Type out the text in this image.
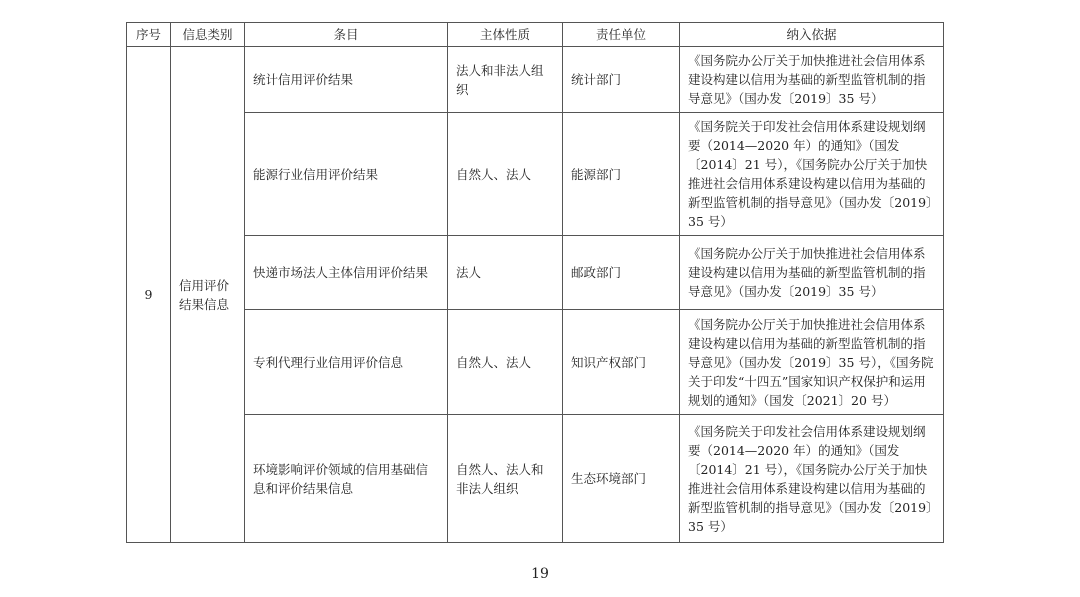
序号	信息类别	条目	主体性质	责任单位	纳入依据
9	信用评价结果信息	统计信用评价结果	法人和非法人组织	统计部门	《国务院办公厅关于加快推进社会信用体系建设构建以信用为基础的新型监管机制的指导意见》（国办发〔2019〕35 号）
		能源行业信用评价结果	自然人、法人	能源部门	《国务院关于印发社会信用体系建设规划纲要（2014—2020 年）的通知》（国发〔2014〕21 号），《国务院办公厅关于加快推进社会信用体系建设构建以信用为基础的新型监管机制的指导意见》（国办发〔2019〕35 号）
		快递市场法人主体信用评价结果	法人	邮政部门	《国务院办公厅关于加快推进社会信用体系建设构建以信用为基础的新型监管机制的指导意见》（国办发〔2019〕35 号）
		专利代理行业信用评价信息	自然人、法人	知识产权部门	《国务院办公厅关于加快推进社会信用体系建设构建以信用为基础的新型监管机制的指导意见》（国办发〔2019〕35 号），《国务院关于印发“十四五”国家知识产权保护和运用规划的通知》（国发〔2021〕20 号）
		环境影响评价领域的信用基础信息和评价结果信息	自然人、法人和非法人组织	生态环境部门	《国务院关于印发社会信用体系建设规划纲要（2014—2020 年）的通知》（国发〔2014〕21 号），《国务院办公厅关于加快推进社会信用体系建设构建以信用为基础的新型监管机制的指导意见》（国办发〔2019〕35 号）
19
